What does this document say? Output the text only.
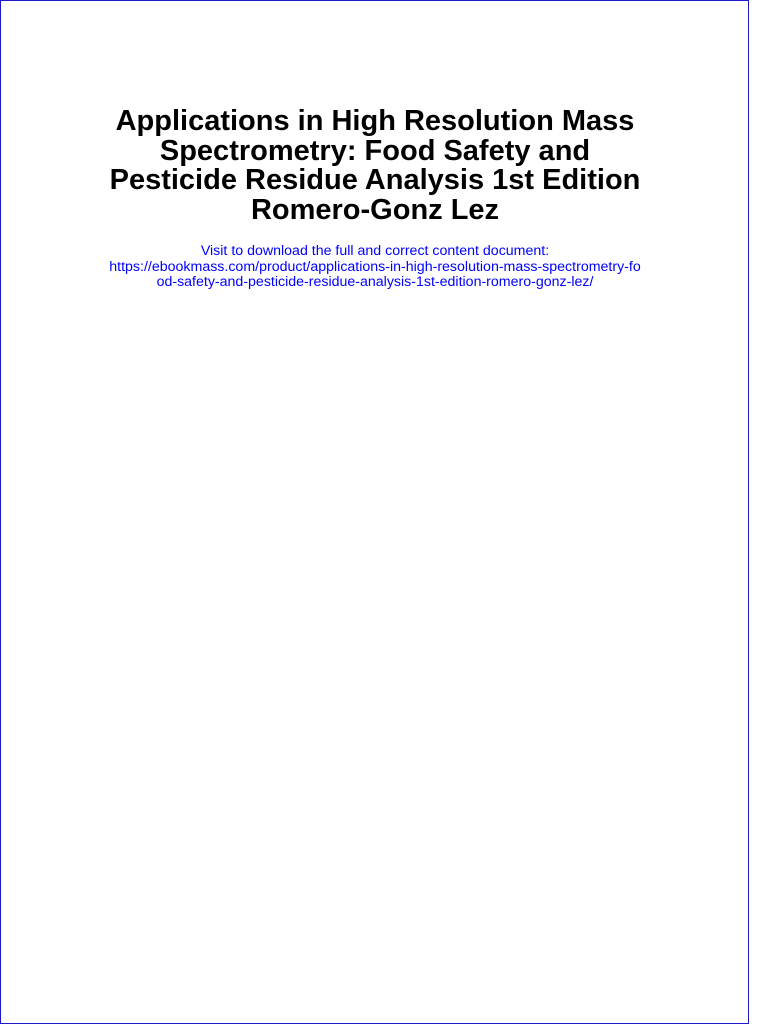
Applications in High Resolution Mass
Spectrometry: Food Safety and
Pesticide Residue Analysis 1st Edition
Romero-Gonz Lez
Visit to download the full and correct content document:
https://ebookmass.com/product/applications-in-high-resolution-mass-spectrometry-fo
od-safety-and-pesticide-residue-analysis-1st-edition-romero-gonz-lez/
